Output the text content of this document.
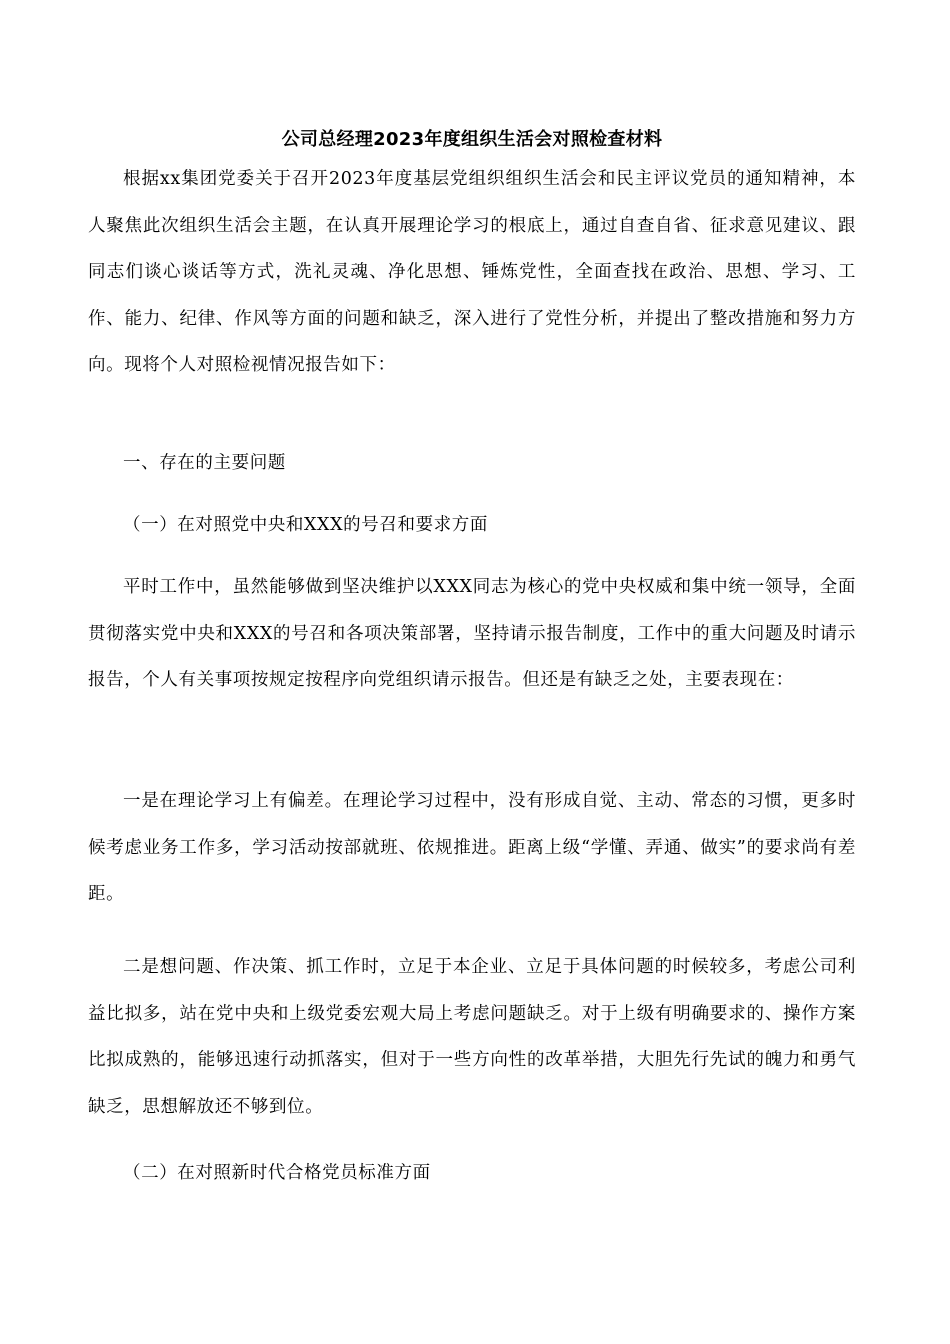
公司总经理2023年度组织生活会对照检查材料

根据xx集团党委关于召开2023年度基层党组织组织生活会和民主评议党员的通知精神，本人聚焦此次组织生活会主题，在认真开展理论学习的根底上，通过自查自省、征求意见建议、跟同志们谈心谈话等方式，洗礼灵魂、净化思想、锤炼党性，全面查找在政治、思想、学习、工作、能力、纪律、作风等方面的问题和缺乏，深入进行了党性分析，并提出了整改措施和努力方向。现将个人对照检视情况报告如下：

一、存在的主要问题

（一）在对照党中央和XXX的号召和要求方面

平时工作中，虽然能够做到坚决维护以XXX同志为核心的党中央权威和集中统一领导，全面贯彻落实党中央和XXX的号召和各项决策部署，坚持请示报告制度，工作中的重大问题及时请示报告，个人有关事项按规定按程序向党组织请示报告。但还是有缺乏之处，主要表现在：

一是在理论学习上有偏差。在理论学习过程中，没有形成自觉、主动、常态的习惯，更多时候考虑业务工作多，学习活动按部就班、依规推进。距离上级“学懂、弄通、做实”的要求尚有差距。

二是想问题、作决策、抓工作时，立足于本企业、立足于具体问题的时候较多，考虑公司利益比拟多，站在党中央和上级党委宏观大局上考虑问题缺乏。对于上级有明确要求的、操作方案比拟成熟的，能够迅速行动抓落实，但对于一些方向性的改革举措，大胆先行先试的魄力和勇气缺乏，思想解放还不够到位。

（二）在对照新时代合格党员标准方面
